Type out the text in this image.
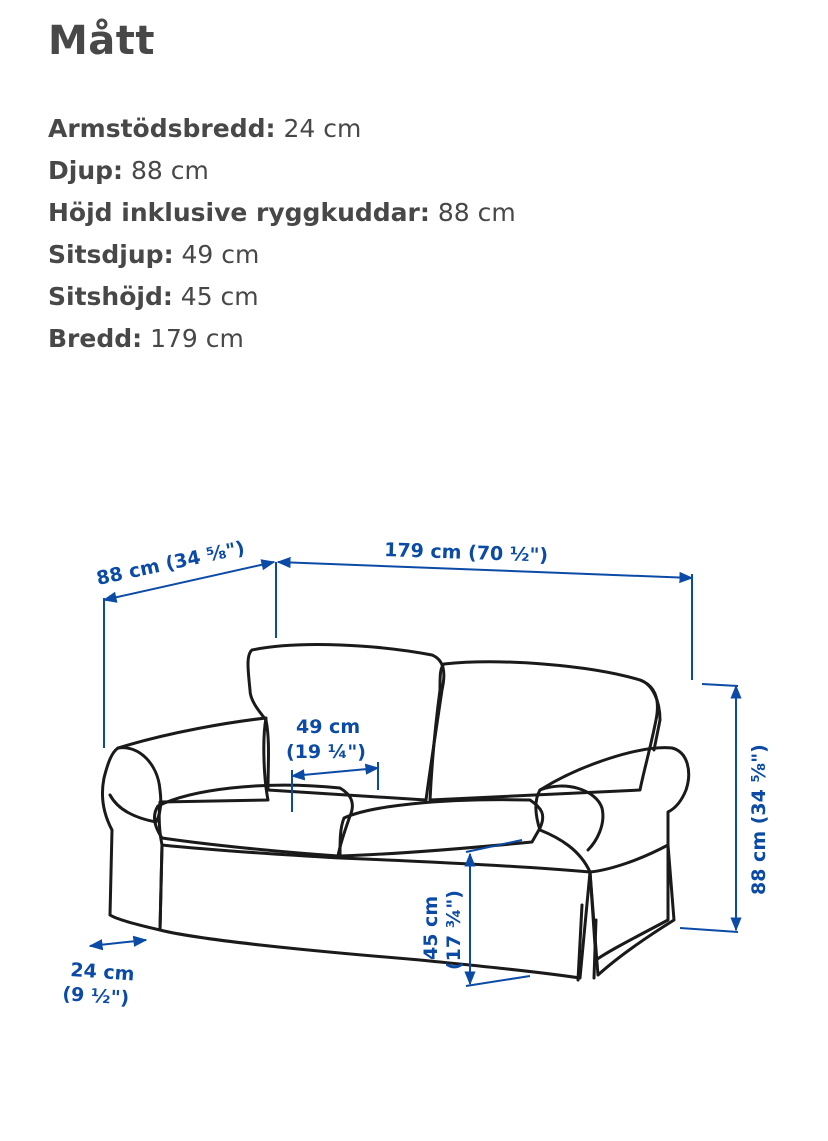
Mått
Armstödsbredd: 24 cm
Djup: 88 cm
Höjd inklusive ryggkuddar: 88 cm
Sitsdjup: 49 cm
Sitshöjd: 45 cm
Bredd: 179 cm
88 cm (34 ⁵⁄₈")	179 cm (70 ½")
88 cm (34 ⁵⁄₈")
49 cm
(19 ¼")
45 cm (17 ¾")
24 cm
(9 ½")
